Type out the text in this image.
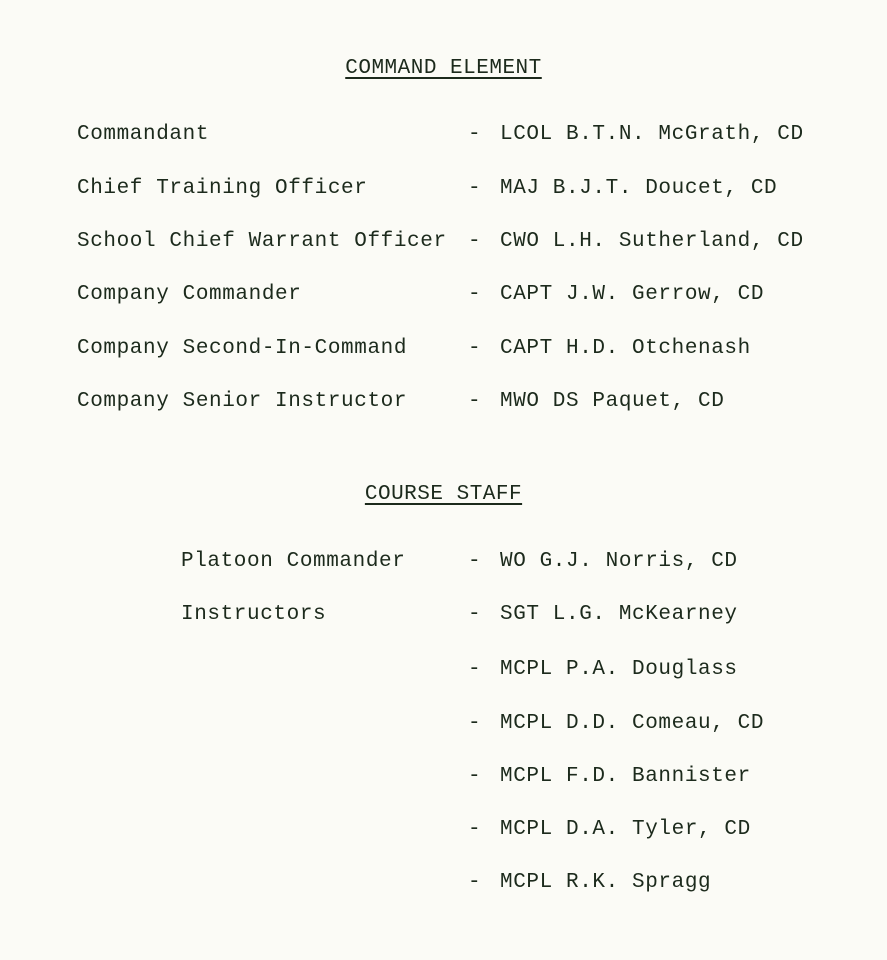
COMMAND ELEMENT
Commandant	- LCOL B.T.N. McGrath, CD
Chief Training Officer	- MAJ B.J.T. Doucet, CD
School Chief Warrant Officer - CWO L.H. Sutherland, CD
Company Commander	- CAPT J.W. Gerrow, CD
Company Second-In-Command	- CAPT H.D. Otchenash
Company Senior Instructor	- MWO DS Paquet, CD
COURSE STAFF
Platoon Commander	- WO G.J. Norris, CD
Instructors	- SGT L.G. McKearney
- MCPL P.A. Douglass
- MCPL D.D. Comeau, CD
- MCPL F.D. Bannister
- MCPL D.A. Tyler, CD
- MCPL R.K. Spragg
